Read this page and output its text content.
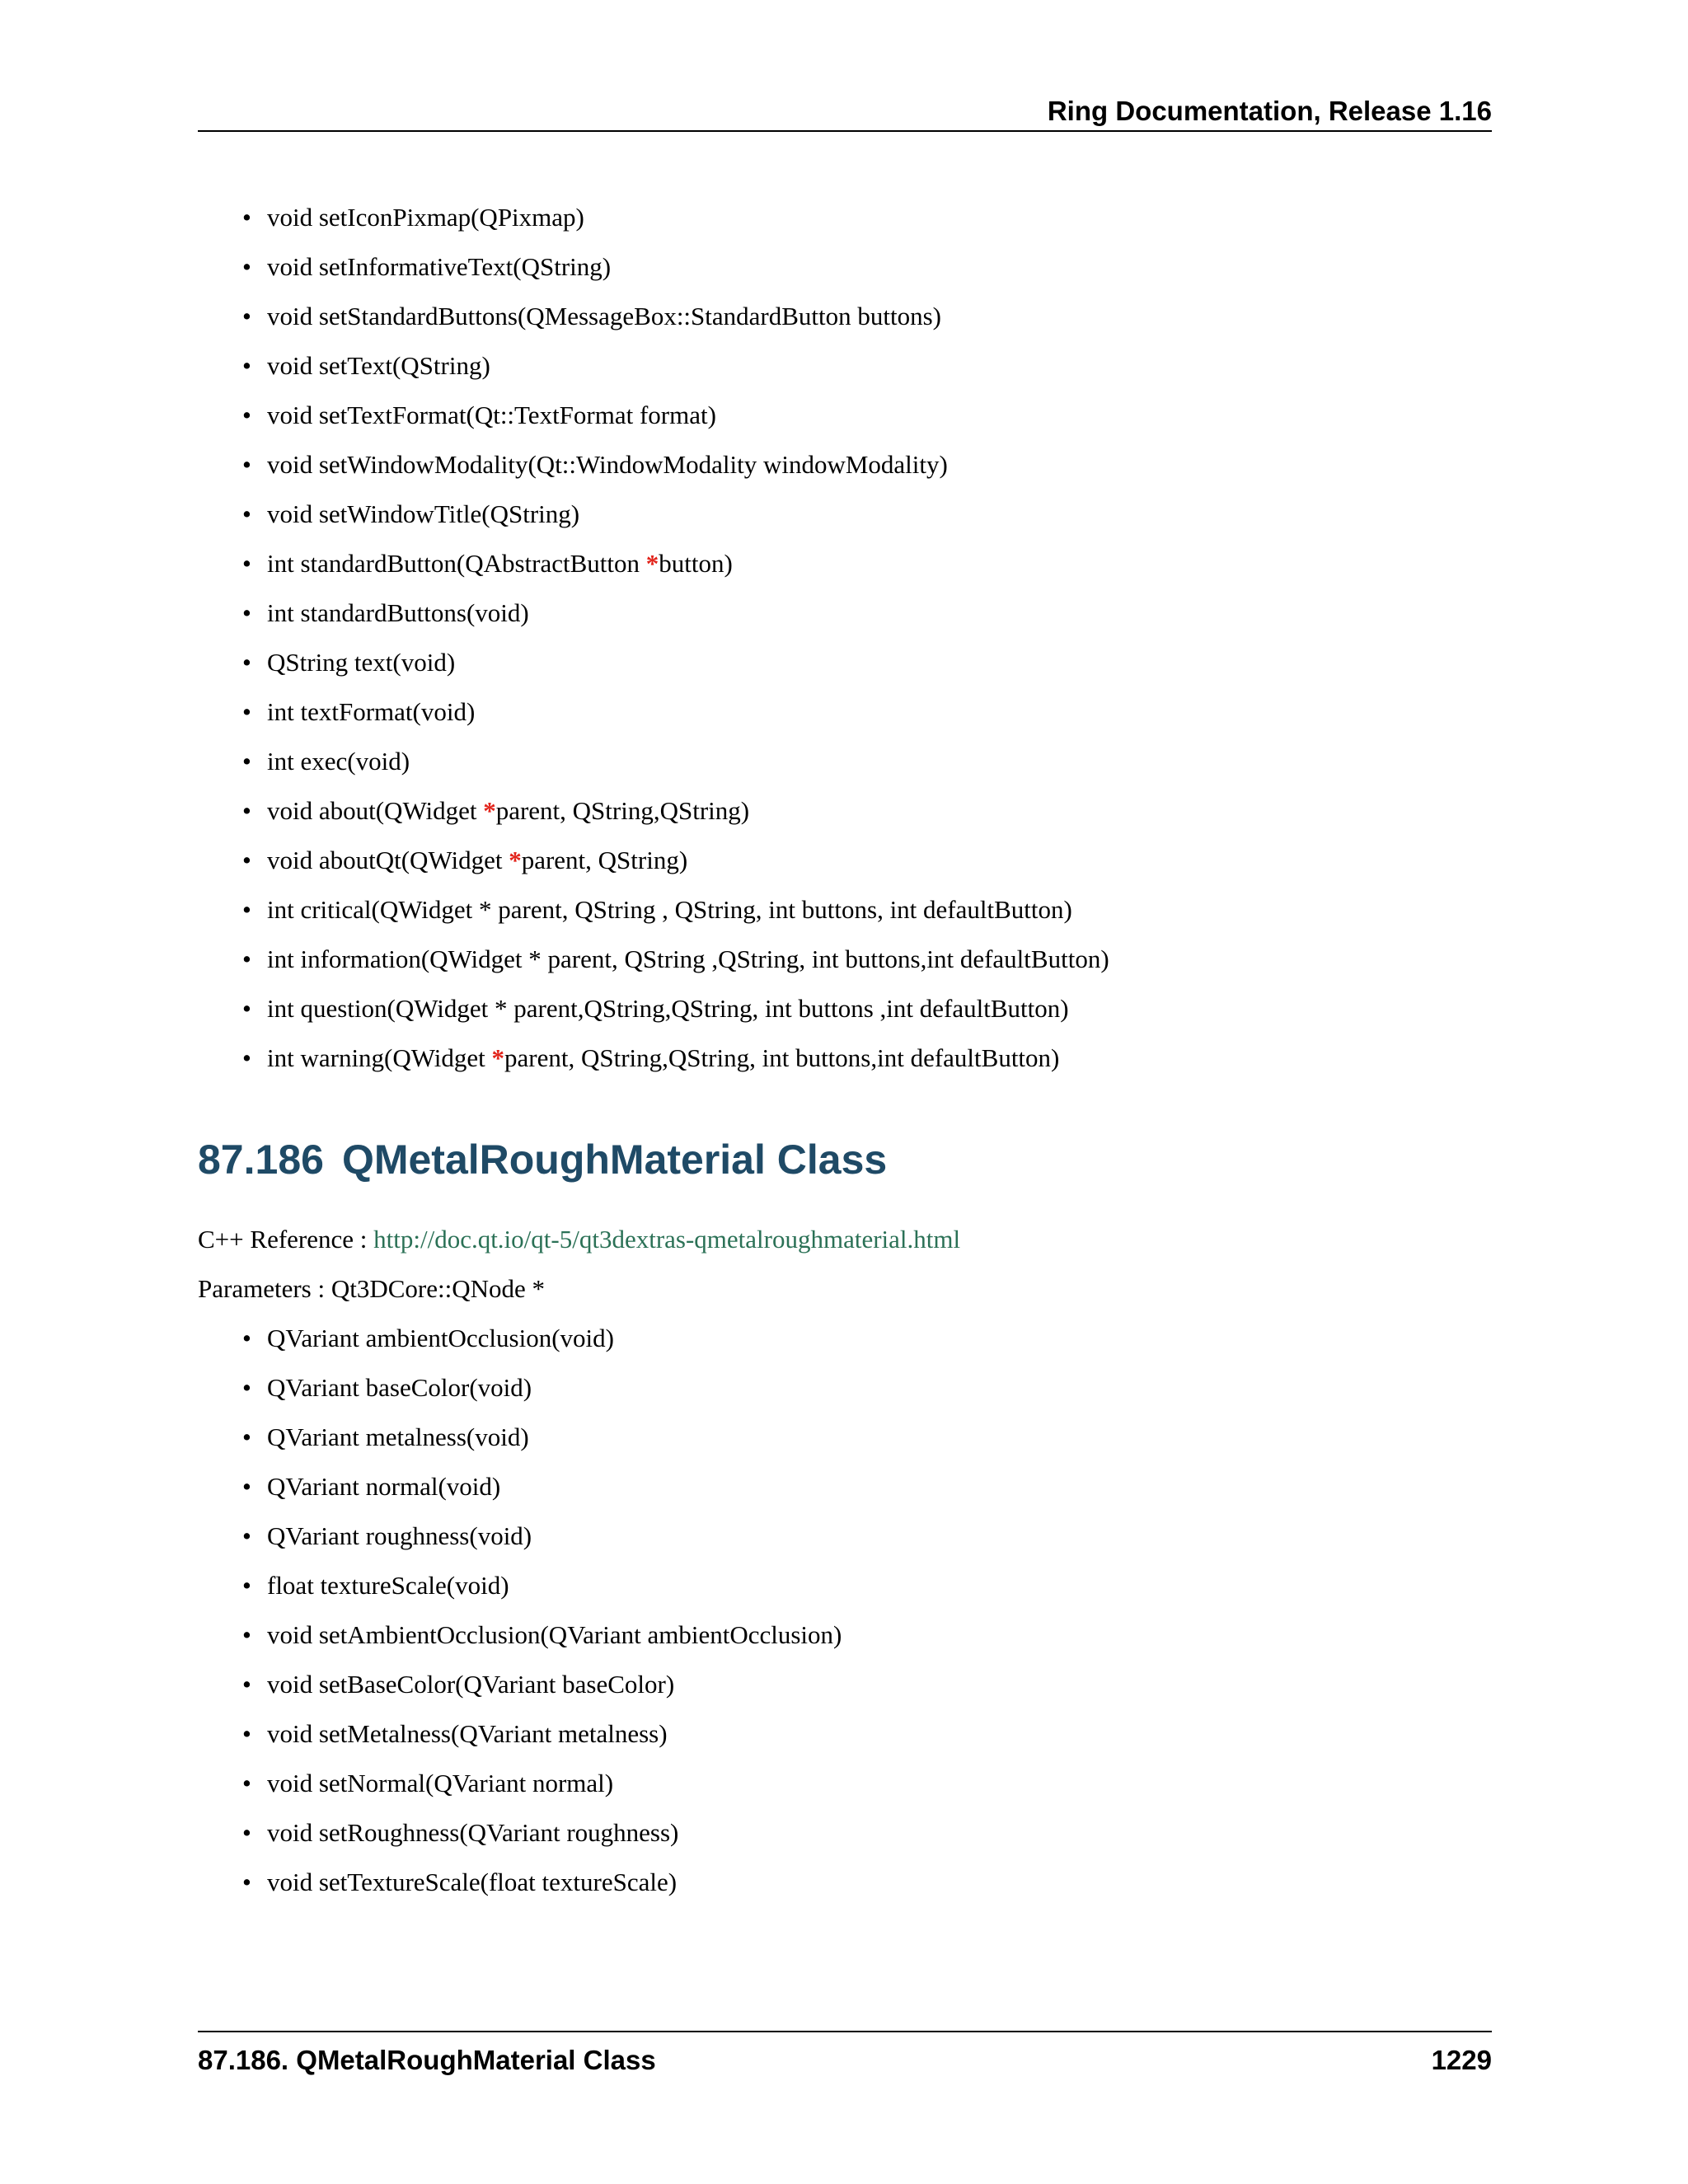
Ring Documentation, Release 1.16
• void setIconPixmap(QPixmap)
• void setInformativeText(QString)
• void setStandardButtons(QMessageBox::StandardButton buttons)
• void setText(QString)
• void setTextFormat(Qt::TextFormat format)
• void setWindowModality(Qt::WindowModality windowModality)
• void setWindowTitle(QString)
• int standardButton(QAbstractButton *button)
• int standardButtons(void)
• QString text(void)
• int textFormat(void)
• int exec(void)
• void about(QWidget *parent, QString,QString)
• void aboutQt(QWidget *parent, QString)
• int critical(QWidget * parent, QString , QString, int buttons, int defaultButton)
• int information(QWidget * parent, QString ,QString, int buttons,int defaultButton)
• int question(QWidget * parent,QString,QString, int buttons ,int defaultButton)
• int warning(QWidget *parent, QString,QString, int buttons,int defaultButton)
87.186 QMetalRoughMaterial Class
C++ Reference : http://doc.qt.io/qt-5/qt3dextras-qmetalroughmaterial.html
Parameters : Qt3DCore::QNode *
• QVariant ambientOcclusion(void)
• QVariant baseColor(void)
• QVariant metalness(void)
• QVariant normal(void)
• QVariant roughness(void)
• float textureScale(void)
• void setAmbientOcclusion(QVariant ambientOcclusion)
• void setBaseColor(QVariant baseColor)
• void setMetalness(QVariant metalness)
• void setNormal(QVariant normal)
• void setRoughness(QVariant roughness)
• void setTextureScale(float textureScale)
87.186. QMetalRoughMaterial Class	1229
